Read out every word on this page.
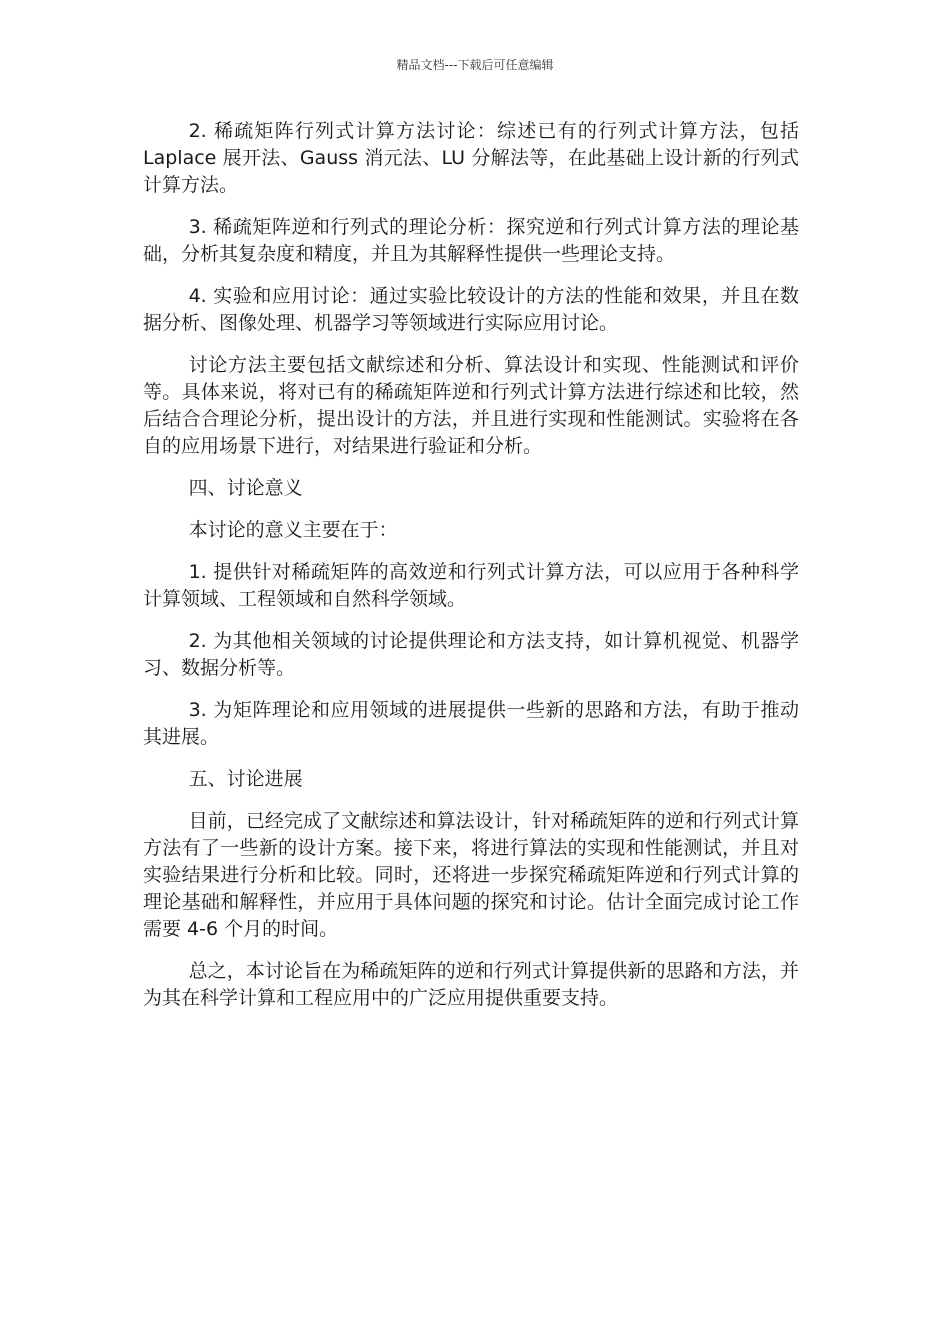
精品文档---下载后可任意编辑

2. 稀疏矩阵行列式计算方法讨论：综述已有的行列式计算方法，包括 Laplace 展开法、Gauss 消元法、LU 分解法等，在此基础上设计新的行列式计算方法。

3. 稀疏矩阵逆和行列式的理论分析：探究逆和行列式计算方法的理论基础，分析其复杂度和精度，并且为其解释性提供一些理论支持。

4. 实验和应用讨论：通过实验比较设计的方法的性能和效果，并且在数据分析、图像处理、机器学习等领域进行实际应用讨论。

讨论方法主要包括文献综述和分析、算法设计和实现、性能测试和评价等。具体来说，将对已有的稀疏矩阵逆和行列式计算方法进行综述和比较，然后结合合理论分析，提出设计的方法，并且进行实现和性能测试。实验将在各自的应用场景下进行，对结果进行验证和分析。

四、讨论意义

本讨论的意义主要在于：

1. 提供针对稀疏矩阵的高效逆和行列式计算方法，可以应用于各种科学计算领域、工程领域和自然科学领域。

2. 为其他相关领域的讨论提供理论和方法支持，如计算机视觉、机器学习、数据分析等。

3. 为矩阵理论和应用领域的进展提供一些新的思路和方法，有助于推动其进展。

五、讨论进展

目前，已经完成了文献综述和算法设计，针对稀疏矩阵的逆和行列式计算方法有了一些新的设计方案。接下来，将进行算法的实现和性能测试，并且对实验结果进行分析和比较。同时，还将进一步探究稀疏矩阵逆和行列式计算的理论基础和解释性，并应用于具体问题的探究和讨论。估计全面完成讨论工作需要 4-6 个月的时间。

总之，本讨论旨在为稀疏矩阵的逆和行列式计算提供新的思路和方法，并为其在科学计算和工程应用中的广泛应用提供重要支持。
